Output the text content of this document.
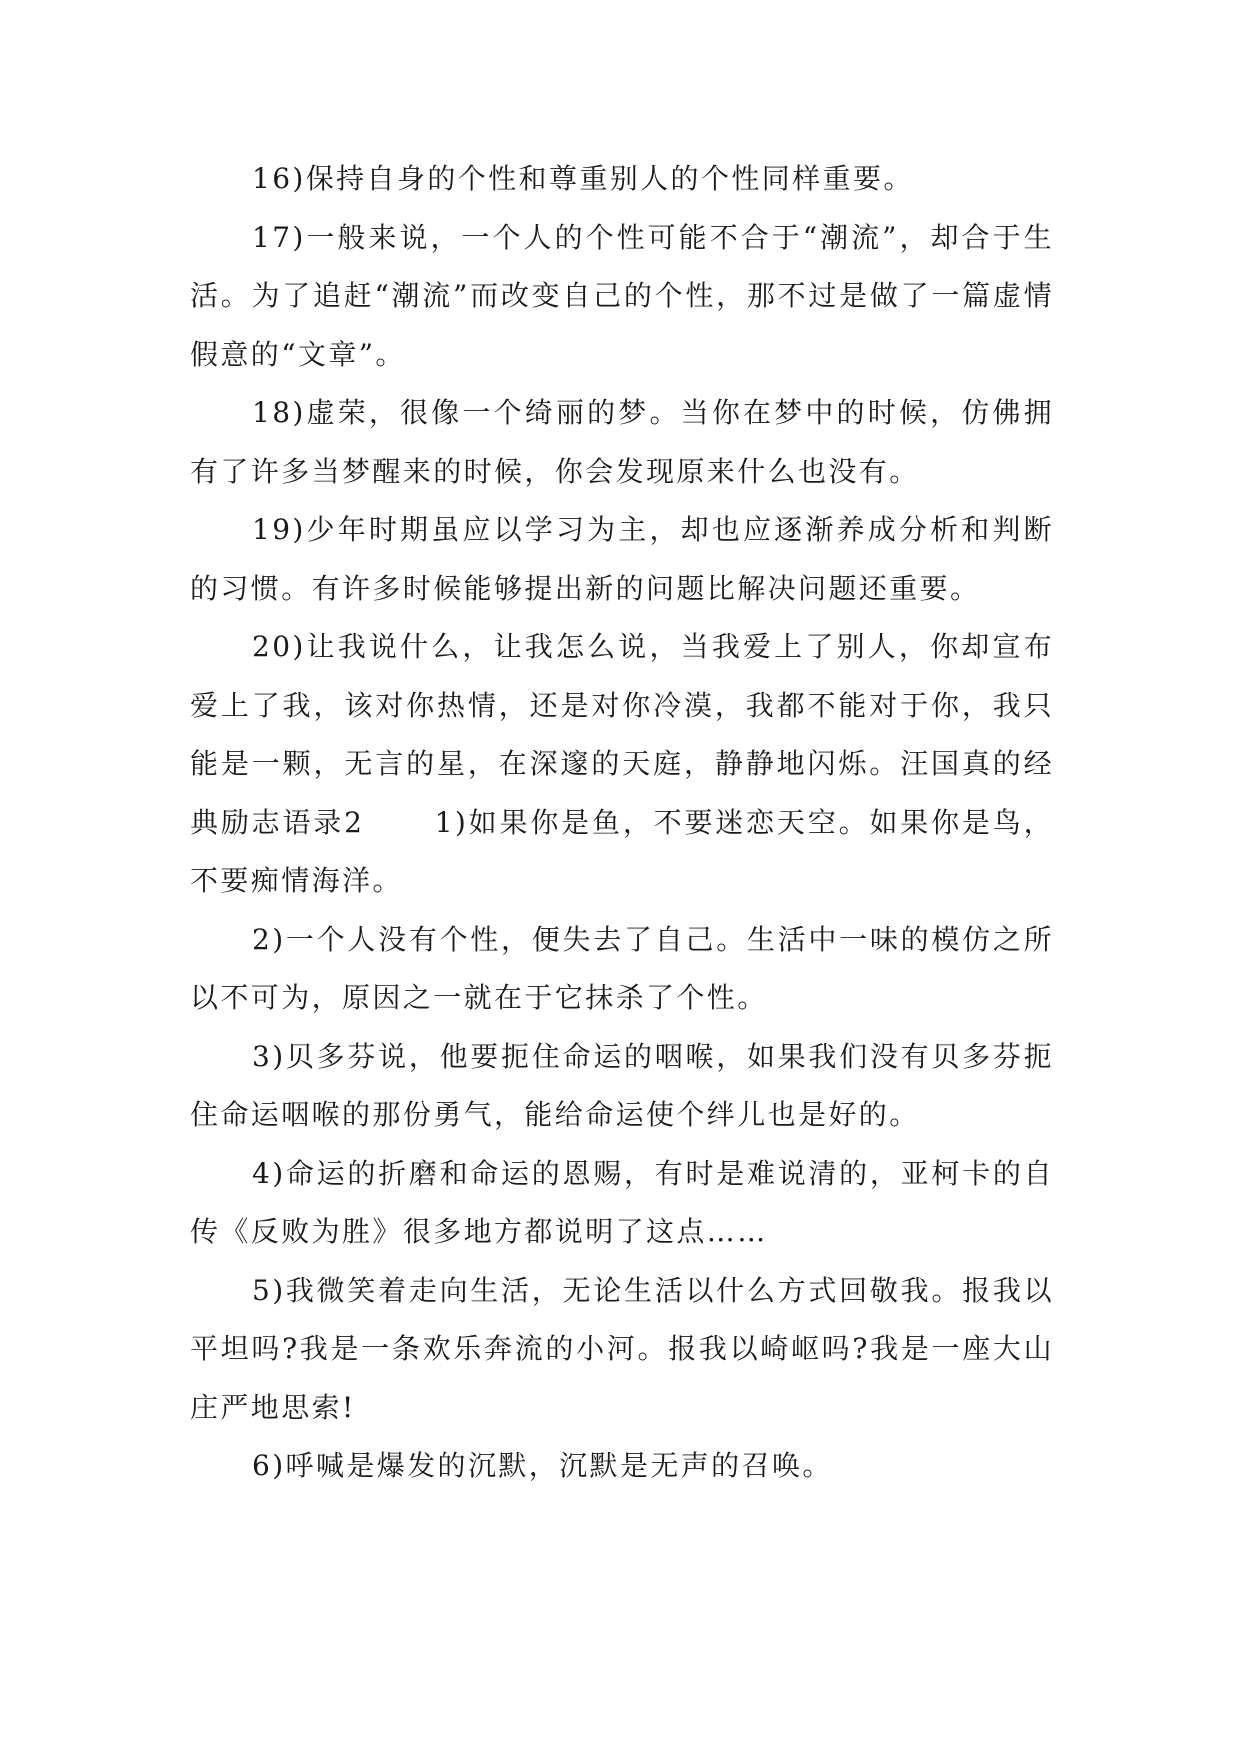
16)保持自身的个性和尊重别人的个性同样重要。

17)一般来说，一个人的个性可能不合于“潮流”，却合于生活。为了追赶“潮流”而改变自己的个性，那不过是做了一篇虚情假意的“文章”。

18)虚荣，很像一个绮丽的梦。当你在梦中的时候，仿佛拥有了许多当梦醒来的时候，你会发现原来什么也没有。

19)少年时期虽应以学习为主，却也应逐渐养成分析和判断的习惯。有许多时候能够提出新的问题比解决问题还重要。

20)让我说什么，让我怎么说，当我爱上了别人，你却宣布爱上了我，该对你热情，还是对你冷漠，我都不能对于你，我只能是一颗，无言的星，在深邃的天庭，静静地闪烁。汪国真的经典励志语录2      1)如果你是鱼，不要迷恋天空。如果你是鸟，不要痴情海洋。

2)一个人没有个性，便失去了自己。生活中一味的模仿之所以不可为，原因之一就在于它抹杀了个性。

3)贝多芬说，他要扼住命运的咽喉，如果我们没有贝多芬扼住命运咽喉的那份勇气，能给命运使个绊儿也是好的。

4)命运的折磨和命运的恩赐，有时是难说清的，亚柯卡的自传《反败为胜》很多地方都说明了这点……

5)我微笑着走向生活，无论生活以什么方式回敬我。报我以平坦吗?我是一条欢乐奔流的小河。报我以崎岖吗?我是一座大山庄严地思索!

6)呼喊是爆发的沉默，沉默是无声的召唤。
